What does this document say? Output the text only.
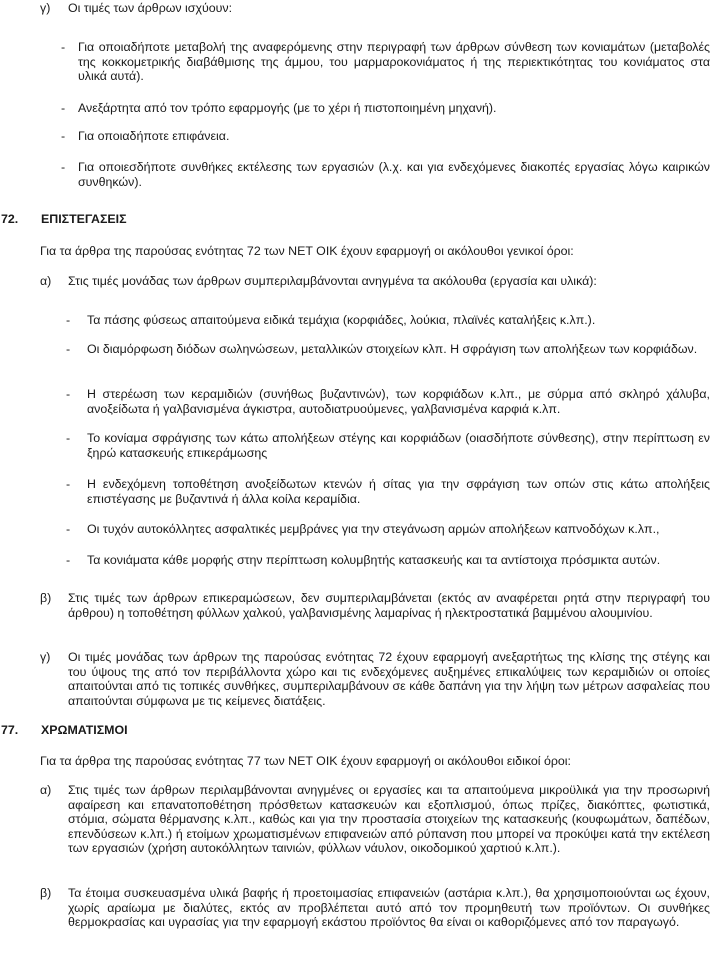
γ) Οι τιμές των άρθρων ισχύουν:

- Για οποιαδήποτε μεταβολή της αναφερόμενης στην περιγραφή των άρθρων σύνθεση των κονιαμάτων (μεταβολές της κοκκομετρικής διαβάθμισης της άμμου, του μαρμαροκονιάματος ή της περιεκτικότητας του κονιάματος στα υλικά αυτά).

- Ανεξάρτητα από τον τρόπο εφαρμογής (με το χέρι ή πιστοποιημένη μηχανή).

- Για οποιαδήποτε επιφάνεια.

- Για οποιεσδήποτε συνθήκες εκτέλεσης των εργασιών (λ.χ. και για ενδεχόμενες διακοπές εργασίας λόγω καιρικών συνθηκών).

72. ΕΠΙΣΤΕΓΑΣΕΙΣ

Για τα άρθρα της παρούσας ενότητας 72 των ΝΕΤ ΟΙΚ έχουν εφαρμογή οι ακόλουθοι γενικοί όροι:

α) Στις τιμές μονάδας των άρθρων συμπεριλαμβάνονται ανηγμένα τα ακόλουθα (εργασία και υλικά):

- Τα πάσης φύσεως απαιτούμενα ειδικά τεμάχια (κορφιάδες, λούκια, πλαϊνές καταλήξεις κ.λπ.).

- Οι διαμόρφωση διόδων σωληνώσεων, μεταλλικών στοιχείων κλπ. Η σφράγιση των απολήξεων των κορφιάδων.

- Η στερέωση των κεραμιδιών (συνήθως βυζαντινών), των κορφιάδων κ.λπ., με σύρμα από σκληρό χάλυβα, ανοξείδωτα ή γαλβανισμένα άγκιστρα, αυτοδιατρυούμενες, γαλβανισμένα καρφιά κ.λπ.

- Το κονίαμα σφράγισης των κάτω απολήξεων στέγης και κορφιάδων (οιασδήποτε σύνθεσης), στην περίπτωση εν ξηρώ κατασκευής επικεράμωσης

- Η ενδεχόμενη τοποθέτηση ανοξείδωτων κτενών ή σίτας για την σφράγιση των οπών στις κάτω απολήξεις επιστέγασης με βυζαντινά ή άλλα κοίλα κεραμίδια.

- Οι τυχόν αυτοκόλλητες ασφαλτικές μεμβράνες για την στεγάνωση αρμών απολήξεων καπνοδόχων κ.λπ.,

- Τα κονιάματα κάθε μορφής στην περίπτωση κολυμβητής κατασκευής και τα αντίστοιχα πρόσμικτα αυτών.

β) Στις τιμές των άρθρων επικεραμώσεων, δεν συμπεριλαμβάνεται (εκτός αν αναφέρεται ρητά στην περιγραφή του άρθρου) η τοποθέτηση φύλλων χαλκού, γαλβανισμένης λαμαρίνας ή ηλεκτροστατικά βαμμένου αλουμινίου.

γ) Οι τιμές μονάδας των άρθρων της παρούσας ενότητας 72 έχουν εφαρμογή ανεξαρτήτως της κλίσης της στέγης και του ύψους της από τον περιβάλλοντα χώρο και τις ενδεχόμενες αυξημένες επικαλύψεις των κεραμιδιών οι οποίες απαιτούνται από τις τοπικές συνθήκες, συμπεριλαμβάνουν σε κάθε δαπάνη για την λήψη των μέτρων ασφαλείας που απαιτούνται σύμφωνα με τις κείμενες διατάξεις.

77. ΧΡΩΜΑΤΙΣΜΟΙ

Για τα άρθρα της παρούσας ενότητας 77 των ΝΕΤ ΟΙΚ έχουν εφαρμογή οι ακόλουθοι ειδικοί όροι:

α) Στις τιμές των άρθρων περιλαμβάνονται ανηγμένες οι εργασίες και τα απαιτούμενα μικρoϋλικά για την προσωρινή αφαίρεση και επανατοποθέτηση πρόσθετων κατασκευών και εξοπλισμού, όπως πρίζες, διακόπτες, φωτιστικά, στόμια, σώματα θέρμανσης κ.λπ., καθώς και για την προστασία στοιχείων της κατασκευής (κουφωμάτων, δαπέδων, επενδύσεων κ.λπ.) ή ετοίμων χρωματισμένων επιφανειών από ρύπανση που μπορεί να προκύψει κατά την εκτέλεση των εργασιών (χρήση αυτοκόλλητων ταινιών, φύλλων νάυλον, οικοδομικού χαρτιού κ.λπ.).

β) Τα έτοιμα συσκευασμένα υλικά βαφής ή προετοιμασίας επιφανειών (αστάρια κ.λπ.), θα χρησιμοποιούνται ως έχουν, χωρίς αραίωμα με διαλύτες, εκτός αν προβλέπεται αυτό από τον προμηθευτή των προϊόντων. Οι συνθήκες θερμοκρασίας και υγρασίας για την εφαρμογή εκάστου προϊόντος θα είναι οι καθοριζόμενες από τον παραγωγό.
